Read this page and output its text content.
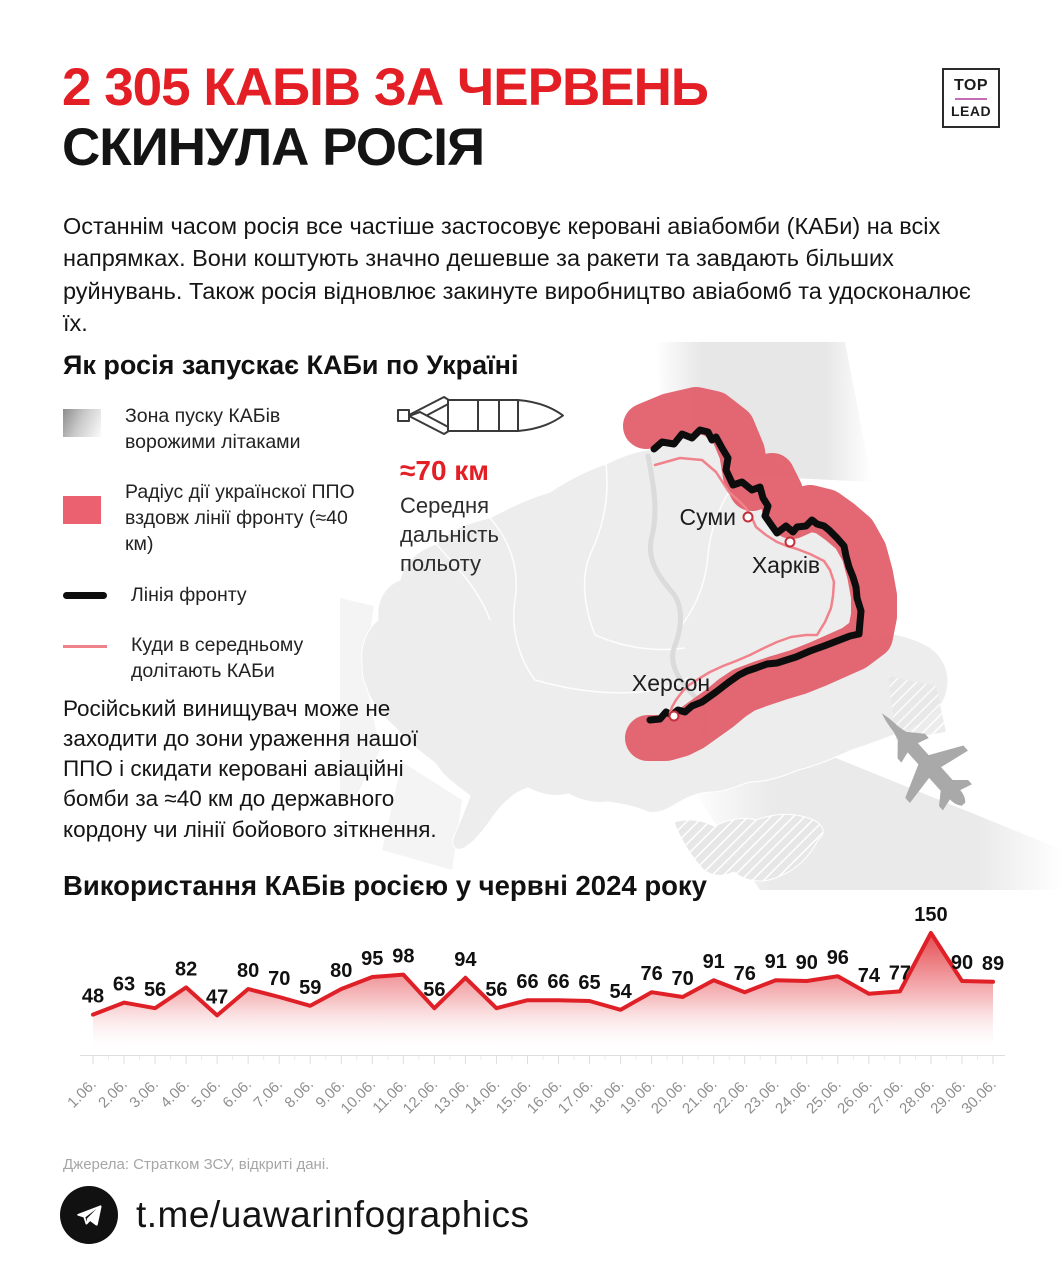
2 305 КАБІВ ЗА ЧЕРВЕНЬ
СКИНУЛА РОСІЯ
TOP
LEAD

Останнім часом росія все частіше застосовує керовані авіабомби (КАБи) на всіх напрямках. Вони коштують значно дешевше за ракети та завдають більших руйнувань. Також росія відновлює закинуте виробництво авіабомб та удосконалює їх.

Як росія запускає КАБи по Україні
Суми
Харків
Херсон
Зона пуску КАБів ворожими літаками
Радіус дії українскої ППО вздовж лінії фронту (≈40 км)
Лінія фронту
Куди в середньому долітають КАБи

≈70 км

Середня дальність польоту

Російський винищувач може не заходити до зони ураження нашої ППО і скидати керовані авіаційні бомби за ≈40 км до державного кордону чи лінії бойового зіткнення.

Використання КАБів росією у червні 2024 року
48
63 56
82
47
80 70 59
80
95 98
56
94
56 66 66 65 54
76 70
91
76
91 90 96
74 77
150
90 89
1.06.
2.06.
3.06.
4.06.
5.06.
6.06.
7.06.
8.06.
9.06.
10.06.
11.06.
12.06.
13.06.
14.06.
15.06.
16.06.
17.06.
18.06.
19.06.
20.06.
21.06.
22.06.
23.06.
24.06.
25.06.
26.06.
27.06.
28.06.
29.06.
30.06.

Джерела: Стратком ЗСУ, відкриті дані.

t.me/uawarinfographics
